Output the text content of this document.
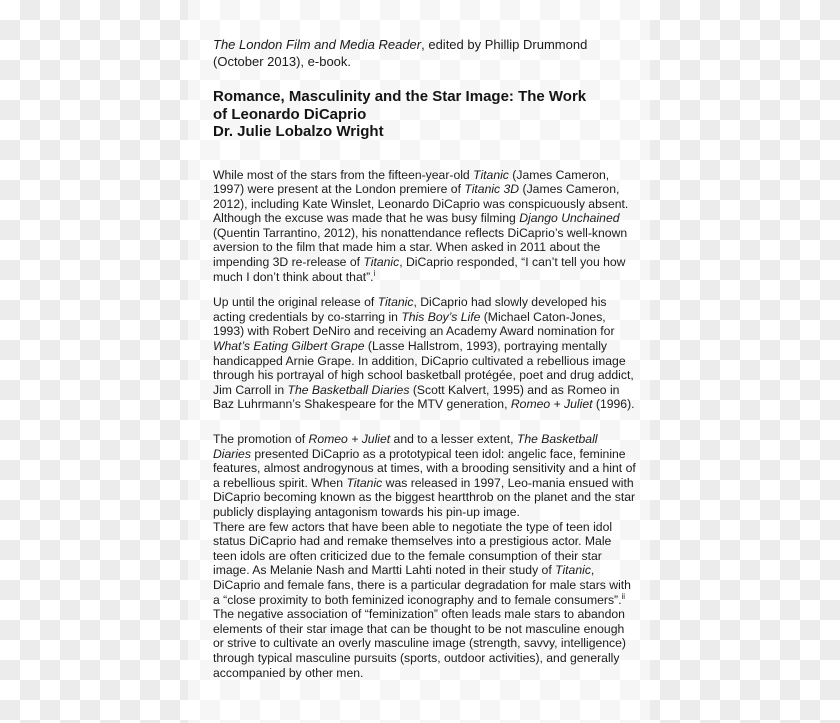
The London Film and Media Reader, edited by Phillip Drummond (October 2013), e-book.

Romance, Masculinity and the Star Image: The Work
of Leonardo DiCaprio
Dr. Julie Lobalzo Wright

While most of the stars from the fifteen-year-old Titanic (James Cameron, 1997) were present at the London premiere of Titanic 3D (James Cameron, 2012), including Kate Winslet, Leonardo DiCaprio was conspicuously absent. Although the excuse was made that he was busy filming Django Unchained (Quentin Tarrantino, 2012), his nonattendance reflects DiCaprio’s well-known aversion to the film that made him a star. When asked in 2011 about the impending 3D re-release of Titanic, DiCaprio responded, “I can’t tell you how much I don’t think about that”.$^i$

Up until the original release of Titanic, DiCaprio had slowly developed his acting credentials by co-starring in This Boy’s Life (Michael Caton-Jones, 1993) with Robert DeNiro and receiving an Academy Award nomination for What’s Eating Gilbert Grape (Lasse Hallstrom, 1993), portraying mentally handicapped Arnie Grape. In addition, DiCaprio cultivated a rebellious image through his portrayal of high school basketball protégée, poet and drug addict, Jim Carroll in The Basketball Diaries (Scott Kalvert, 1995) and as Romeo in Baz Luhrmann’s Shakespeare for the MTV generation, Romeo + Juliet (1996).

The promotion of Romeo + Juliet and to a lesser extent, The Basketball Diaries presented DiCaprio as a prototypical teen idol: angelic face, feminine features, almost androgynous at times, with a brooding sensitivity and a hint of a rebellious spirit. When Titanic was released in 1997, Leo-mania ensued with DiCaprio becoming known as the biggest heartthrob on the planet and the star publicly displaying antagonism towards his pin-up image.

There are few actors that have been able to negotiate the type of teen idol status DiCaprio had and remake themselves into a prestigious actor. Male teen idols are often criticized due to the female consumption of their star image. As Melanie Nash and Martti Lahti noted in their study of Titanic, DiCaprio and female fans, there is a particular degradation for male stars with a “close proximity to both feminized iconography and to female consumers”.$^{ii}$ The negative association of “feminization” often leads male stars to abandon elements of their star image that can be thought to be not masculine enough or strive to cultivate an overly masculine image (strength, savvy, intelligence) through typical masculine pursuits (sports, outdoor activities), and generally accompanied by other men.
